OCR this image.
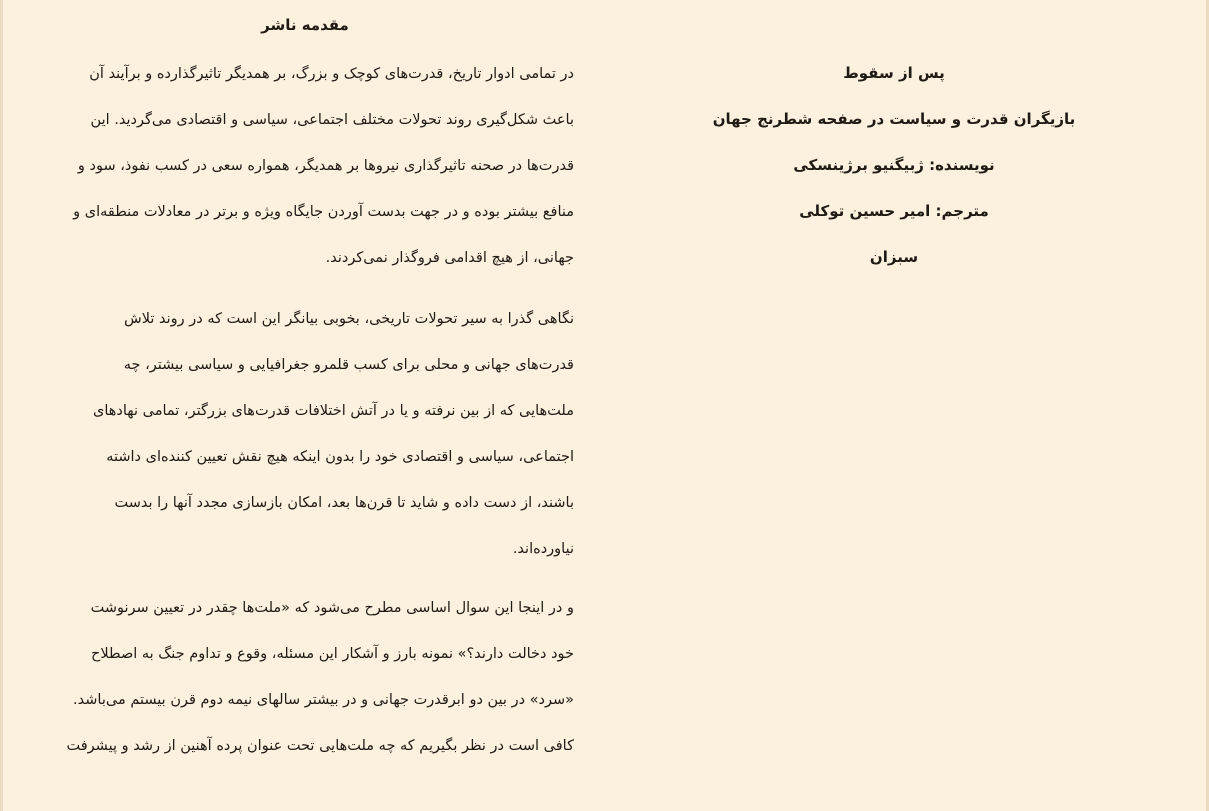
مقدمه ناشر
در تمامی ادوار تاریخ، قدرت‌های کوچک و بزرگ، بر همدیگر تاثیرگذارده و برآیند آن
باعث شکل‌گیری روند تحولات مختلف اجتماعی، سیاسی و اقتصادی می‌گردید. این
قدرت‌ها در صحنه تاثیرگذاری نیروها بر همدیگر، همواره سعی در کسب نفوذ، سود و
منافع بیشتر بوده و در جهت بدست آوردن جایگاه ویژه و برتر در معادلات منطقه‌ای و
جهانی، از هیچ اقدامی فروگذار نمی‌کردند.
نگاهی گذرا به سیر تحولات تاریخی، بخوبی بیانگر این است که در روند تلاش
قدرت‌های جهانی و محلی برای کسب قلمرو جغرافیایی و سیاسی بیشتر، چه
ملت‌هایی که از بین نرفته و یا در آتش اختلافات قدرت‌های بزرگتر، تمامی نهادهای
اجتماعی، سیاسی و اقتصادی خود را بدون اینکه هیچ نقش تعیین کننده‌ای داشته
باشند، از دست داده و شاید تا قرن‌ها بعد، امکان بازسازی مجدد آنها را بدست
نیاورده‌اند.
و در اینجا این سوال اساسی مطرح می‌شود که «ملت‌ها چقدر در تعیین سرنوشت
خود دخالت دارند؟» نمونه بارز و آشکار این مسئله، وقوع و تداوم جنگ به اصطلاح
«سرد» در بین دو ابرقدرت جهانی و در بیشتر سالهای نیمه دوم قرن بیستم می‌باشد.
کافی است در نظر بگیریم که چه ملت‌هایی تحت عنوان پرده آهنین از رشد و پیشرفت
پس از سقوط
بازیگران قدرت و سیاست در صفحه شطرنج جهان
نویسنده: ژبیگنیو برژینسکی
مترجم: امیر حسین توکلی
سبزان
